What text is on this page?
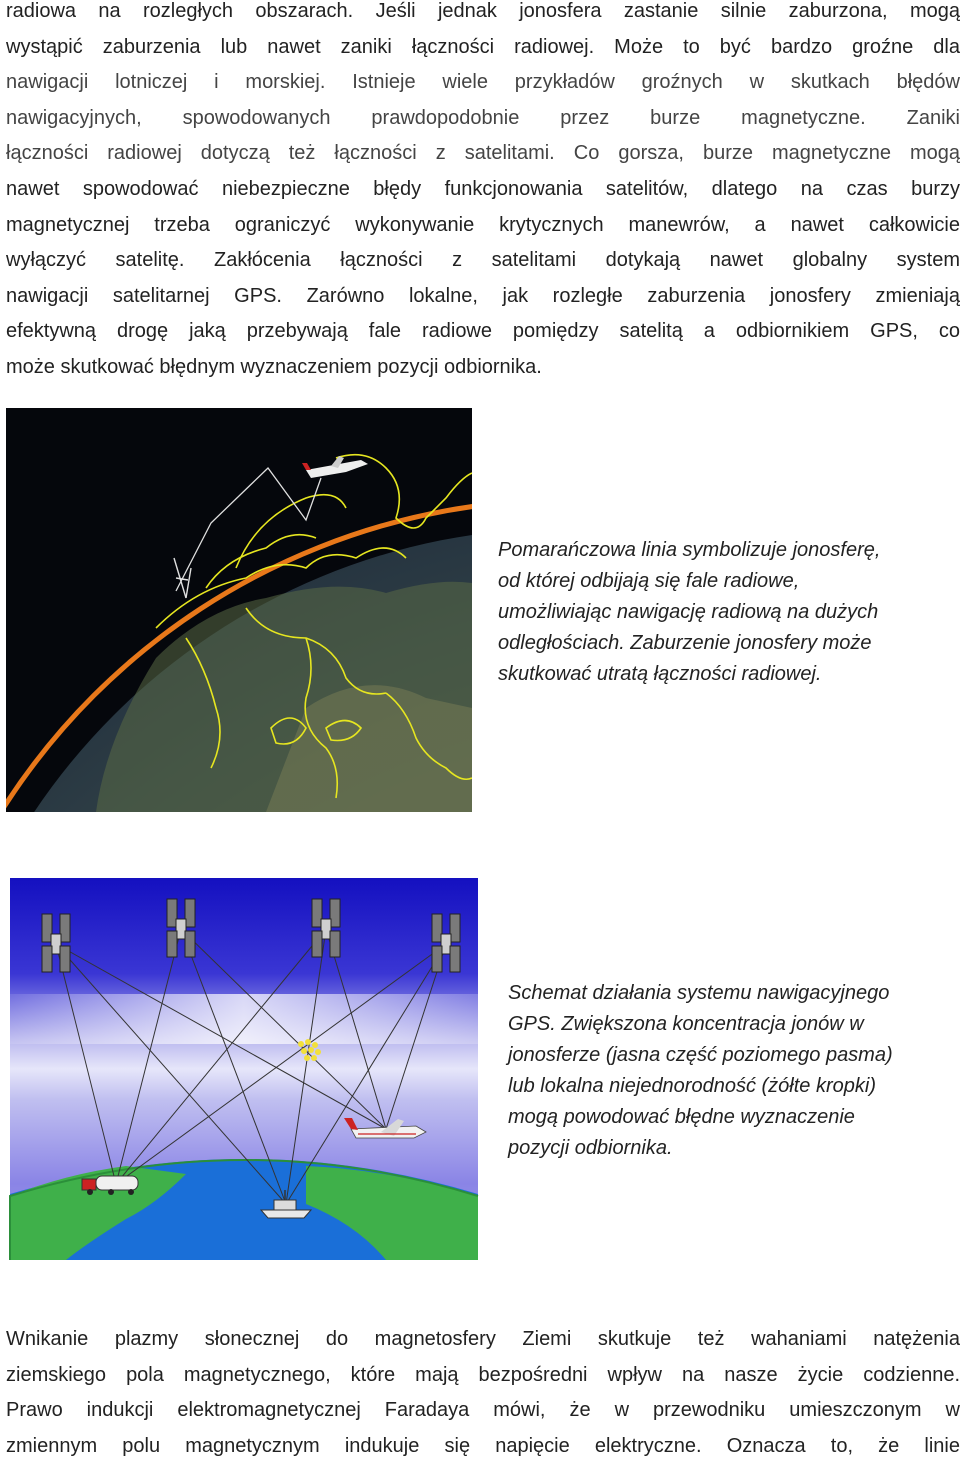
radiowa na rozległych obszarach. Jeśli jednak jonosfera zastanie silnie zaburzona, mogą
wystąpić zaburzenia lub nawet zaniki łączności radiowej. Może to być bardzo groźne dla
nawigacji lotniczej i morskiej. Istnieje wiele przykładów groźnych w skutkach błędów
nawigacyjnych, spowodowanych prawdopodobnie przez burze magnetyczne. Zaniki
łączności radiowej dotyczą też łączności z satelitami. Co gorsza, burze magnetyczne mogą
nawet spowodować niebezpieczne błędy funkcjonowania satelitów, dlatego na czas burzy
magnetycznej trzeba ograniczyć wykonywanie krytycznych manewrów, a nawet całkowicie
wyłączyć satelitę. Zakłócenia łączności z satelitami dotykają nawet globalny system
nawigacji satelitarnej GPS. Zarówno lokalne, jak rozległe zaburzenia jonosfery zmieniają
efektywną drogę jaką przebywają fale radiowe pomiędzy satelitą a odbiornikiem GPS, co
może skutkować błędnym wyznaczeniem pozycji odbiornika.
Pomarańczowa linia symbolizuje jonosferę,
od której odbijają się fale radiowe,
umożliwiając nawigację radiową na dużych
odległościach. Zaburzenie jonosfery może
skutkować utratą łączności radiowej.
Schemat działania systemu nawigacyjnego
GPS. Zwiększona koncentracja jonów w
jonosferze (jasna część poziomego pasma)
lub lokalna niejednorodność (żółte kropki)
mogą powodować błędne wyznaczenie
pozycji odbiornika.
Wnikanie plazmy słonecznej do magnetosfery Ziemi skutkuje też wahaniami natężenia
ziemskiego pola magnetycznego, które mają bezpośredni wpływ na nasze życie codzienne.
Prawo indukcji elektromagnetycznej Faradaya mówi, że w przewodniku umieszczonym w
zmiennym polu magnetycznym indukuje się napięcie elektryczne. Oznacza to, że linie
